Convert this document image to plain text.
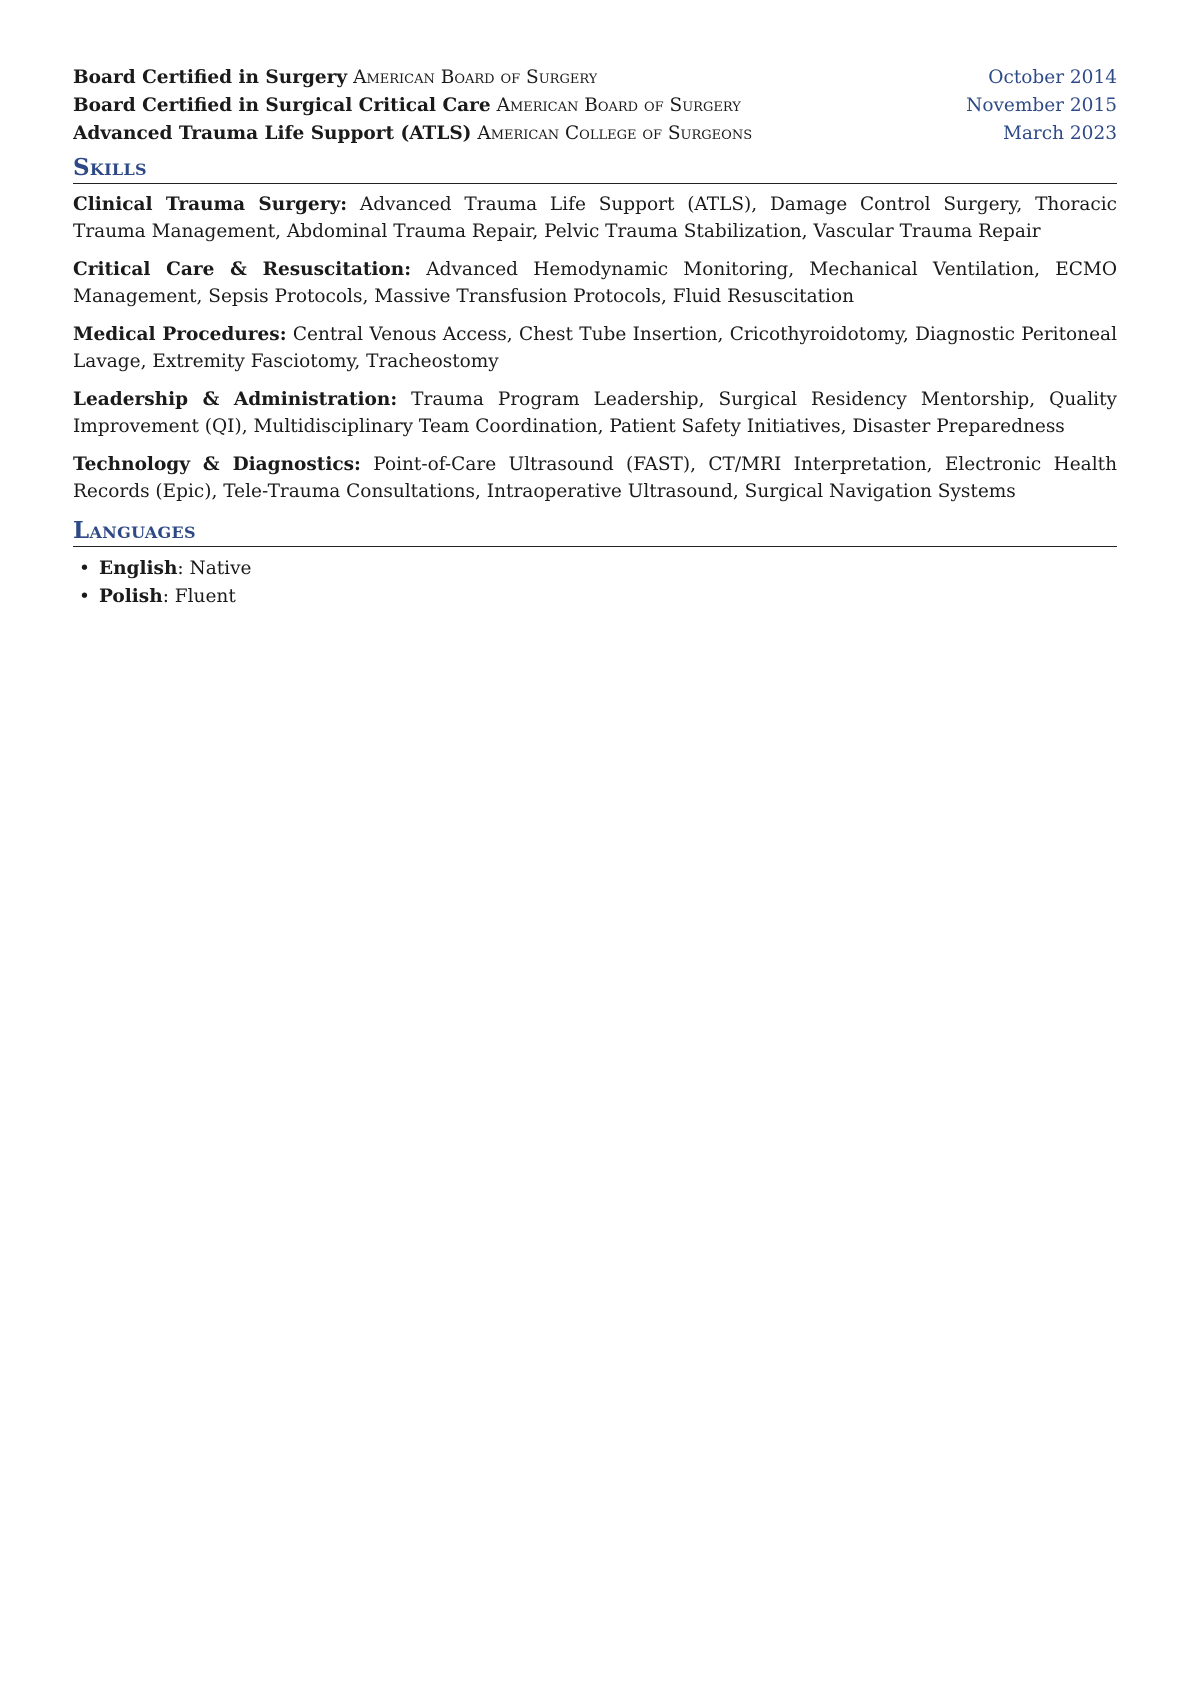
Board Certified in Surgery American Board of Surgery	October 2014
Board Certified in Surgical Critical Care American Board of Surgery	November 2015
Advanced Trauma Life Support (ATLS) American College of Surgeons	March 2023
Skills
Clinical Trauma Surgery: Advanced Trauma Life Support (ATLS), Damage Control Surgery, Thoracic Trauma Management, Abdominal Trauma Repair, Pelvic Trauma Stabilization, Vascular Trauma Repair
Critical Care & Resuscitation: Advanced Hemodynamic Monitoring, Mechanical Ventilation, ECMO Management, Sepsis Protocols, Massive Transfusion Protocols, Fluid Resuscitation
Medical Procedures: Central Venous Access, Chest Tube Insertion, Cricothyroidotomy, Diagnostic Peritoneal Lavage, Extremity Fasciotomy, Tracheostomy
Leadership & Administration: Trauma Program Leadership, Surgical Residency Mentorship, Quality Improvement (QI), Multidisciplinary Team Coordination, Patient Safety Initiatives, Disaster Preparedness
Technology & Diagnostics: Point-of-Care Ultrasound (FAST), CT/MRI Interpretation, Electronic Health Records (Epic), Tele-Trauma Consultations, Intraoperative Ultrasound, Surgical Navigation Systems
Languages
• English: Native
• Polish: Fluent
